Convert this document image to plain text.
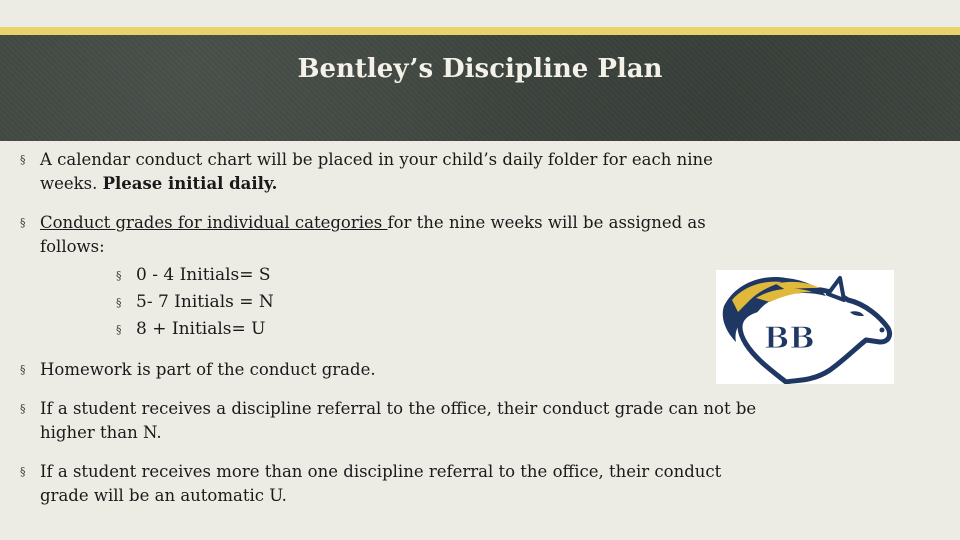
Bentley’s Discipline Plan
§ A calendar conduct chart will be placed in your child’s daily folder for each nine weeks. Please initial daily.
§ Conduct grades for individual categories for the nine weeks will be assigned as follows:
§ 0 - 4 Initials= S
§ 5- 7 Initials = N
§ 8 + Initials= U
§ Homework is part of the conduct grade.
§ If a student receives a discipline referral to the office, their conduct grade can not be higher than N.
§ If a student receives more than one discipline referral to the office, their conduct grade will be an automatic U.
BB
